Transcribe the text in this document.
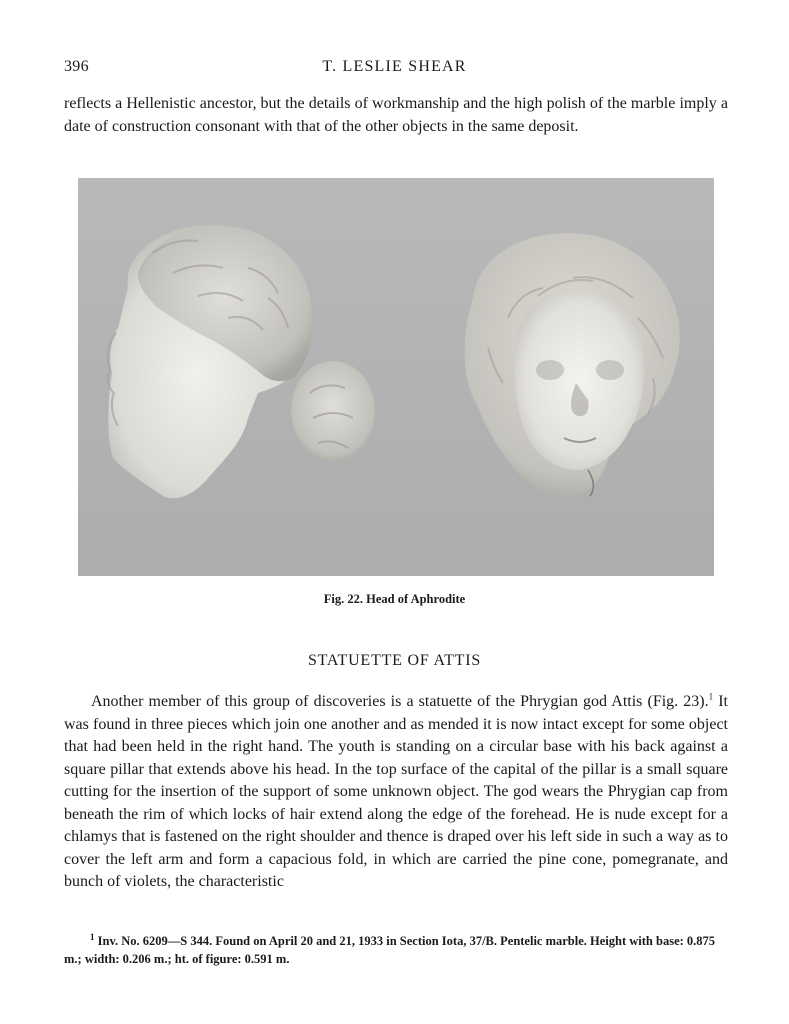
396	T. LESLIE SHEAR

reflects a Hellenistic ancestor, but the details of workmanship and the high polish of the marble imply a date of construction consonant with that of the other objects in the same deposit.

Fig. 22. Head of Aphrodite
STATUETTE OF ATTIS

Another member of this group of discoveries is a statuette of the Phrygian god Attis (Fig. 23).$^1$ It was found in three pieces which join one another and as mended it is now intact except for some object that had been held in the right hand. The youth is standing on a circular base with his back against a square pillar that extends above his head. In the top surface of the capital of the pillar is a small square cutting for the insertion of the support of some unknown object. The god wears the Phrygian cap from beneath the rim of which locks of hair extend along the edge of the forehead. He is nude except for a chlamys that is fastened on the right shoulder and thence is draped over his left side in such a way as to cover the left arm and form a capacious fold, in which are carried the pine cone, pomegranate, and bunch of violets, the characteristic

$^1$ Inv. No. 6209—S 344. Found on April 20 and 21, 1933 in Section Iota, 37/B. Pentelic marble. Height with base: 0.875 m.; width: 0.206 m.; ht. of figure: 0.591 m.
